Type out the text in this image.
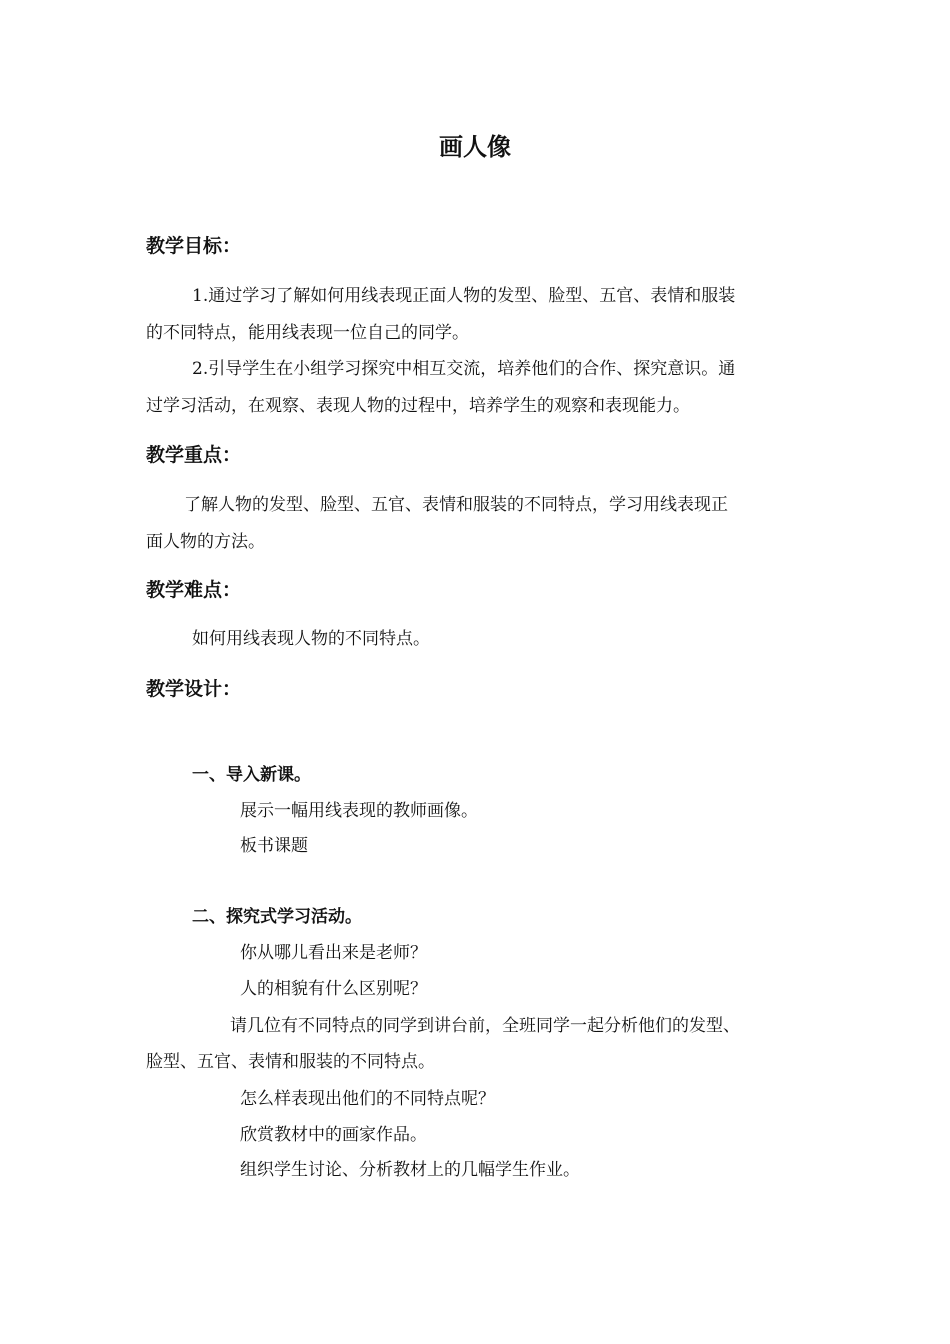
画人像
教学目标：
1.通过学习了解如何用线表现正面人物的发型、脸型、五官、表情和服装
的不同特点，能用线表现一位自己的同学。
2.引导学生在小组学习探究中相互交流，培养他们的合作、探究意识。通
过学习活动，在观察、表现人物的过程中，培养学生的观察和表现能力。
教学重点：
了解人物的发型、脸型、五官、表情和服装的不同特点，学习用线表现正
面人物的方法。
教学难点：
如何用线表现人物的不同特点。
教学设计：
一、导入新课。
展示一幅用线表现的教师画像。
板书课题
二、探究式学习活动。
你从哪儿看出来是老师？
人的相貌有什么区别呢？
请几位有不同特点的同学到讲台前，全班同学一起分析他们的发型、
脸型、五官、表情和服装的不同特点。
怎么样表现出他们的不同特点呢？
欣赏教材中的画家作品。
组织学生讨论、分析教材上的几幅学生作业。
